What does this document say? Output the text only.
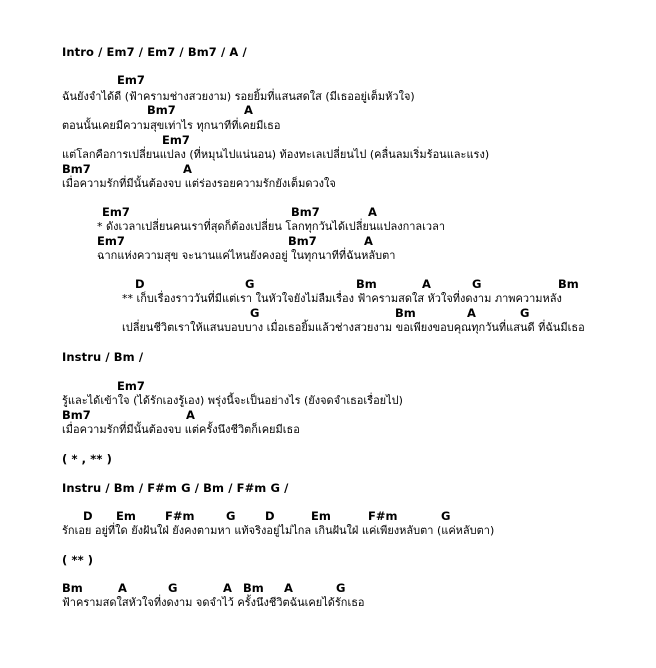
Intro / Em7 / Em7 / Bm7 / A /
Em7
ฉันยังจำได้ดี (ฟ้าครามช่างสวยงาม) รอยยิ้มที่แสนสดใส (มีเธออยู่เต็มหัวใจ)
Bm7	A
ตอนนั้นเคยมีความสุขเท่าไร ทุกนาทีที่เคยมีเธอ
Em7
แต่โลกคือการเปลี่ยนแปลง (ที่หมุนไปแน่นอน) ท้องทะเลเปลี่ยนไป (คลื่นลมเริ่มร้อนและแรง)
Bm7	A
เมื่อความรักที่มีนั้นต้องจบ แต่ร่องรอยความรักยังเต็มดวงใจ
Em7	Bm7	A
* ดังเวลาเปลี่ยนคนเราที่สุดก็ต้องเปลี่ยน โลกทุกวันได้เปลี่ยนแปลงกาลเวลา
Em7	Bm7	A
ฉากแห่งความสุข จะนานแค่ไหนยังคงอยู่ ในทุกนาทีที่ฉันหลับตา
D	G	Bm	A	G	Bm
** เก็บเรื่องราววันที่มีแต่เรา ในหัวใจยังไม่ลืมเรื่อง ฟ้าครามสดใส หัวใจที่งดงาม ภาพความหลัง
G	Bm	A	G
เปลี่ยนชีวิตเราให้แสนบอบบาง เมื่อเธอยิ้มแล้วช่างสวยงาม ขอเพียงขอบคุณทุกวันที่แสนดี ที่ฉันมีเธอ
Instru / Bm /
Em7
รู้และได้เข้าใจ (ได้รักเองรู้เอง) พรุ่งนี้จะเป็นอย่างไร (ยังจดจำเธอเรื่อยไป)
Bm7	A
เมื่อความรักที่มีนั้นต้องจบ แต่ครั้งนึงชีวิตก็เคยมีเธอ
( * , ** )
Instru / Bm / F#m G / Bm / F#m G /
D Em	F#m	G	D	Em	F#m	G
รักเอย อยู่ที่ใด ยังฝันใฝ่ ยังคงตามหา แท้จริงอยู่ไม่ไกล เกินฝันใฝ่ แค่เพียงหลับตา (แค่หลับตา)
( ** )
Bm	A	G	A Bm A	G
ฟ้าครามสดใสหัวใจที่งดงาม จดจำไว้ ครั้งนึงชีวิตฉันเคยได้รักเธอ
